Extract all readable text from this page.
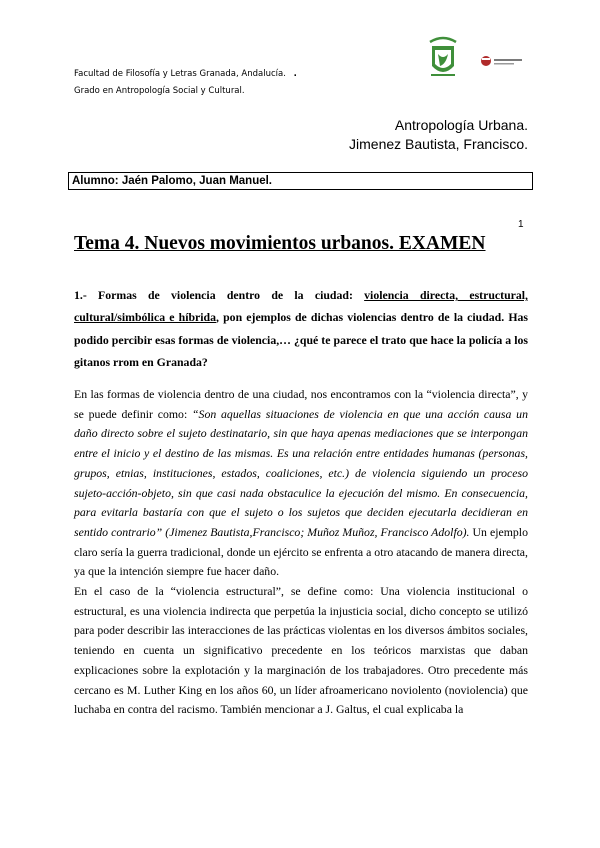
Facultad de Filosofía y Letras Granada, Andalucía. .
Grado en Antropología Social y Cultural.
Antropología Urbana.
Jimenez Bautista, Francisco.
Alumno: Jaén Palomo, Juan Manuel.
1
Tema 4. Nuevos movimientos urbanos. EXAMEN

1.- Formas de violencia dentro de la ciudad: violencia directa, estructural, cultural/simbólica e híbrida, pon ejemplos de dichas violencias dentro de la ciudad. Has podido percibir esas formas de violencia,… ¿qué te parece el trato que hace la policía a los gitanos rrom en Granada?

En las formas de violencia dentro de una ciudad, nos encontramos con la “violencia directa”, y se puede definir como: “Son aquellas situaciones de violencia en que una acción causa un daño directo sobre el sujeto destinatario, sin que haya apenas mediaciones que se interpongan entre el inicio y el destino de las mismas. Es una relación entre entidades humanas (personas, grupos, etnias, instituciones, estados, coaliciones, etc.) de violencia siguiendo un proceso sujeto-acción-objeto, sin que casi nada obstaculice la ejecución del mismo. En consecuencia, para evitarla bastaría con que el sujeto o los sujetos que deciden ejecutarla decidieran en sentido contrario” (Jimenez Bautista,Francisco; Muñoz Muñoz, Francisco Adolfo). Un ejemplo claro sería la guerra tradicional, donde un ejército se enfrenta a otro atacando de manera directa, ya que la intención siempre fue hacer daño.

En el caso de la “violencia estructural”, se define como: Una violencia institucional o estructural, es una violencia indirecta que perpetúa la injusticia social, dicho concepto se utilizó para poder describir las interacciones de las prácticas violentas en los diversos ámbitos sociales, teniendo en cuenta un significativo precedente en los teóricos marxistas que daban explicaciones sobre la explotación y la marginación de los trabajadores. Otro precedente más cercano es M. Luther King en los años 60, un líder afroamericano noviolento (noviolencia) que luchaba en contra del racismo. También mencionar a J. Galtus, el cual explicaba la
